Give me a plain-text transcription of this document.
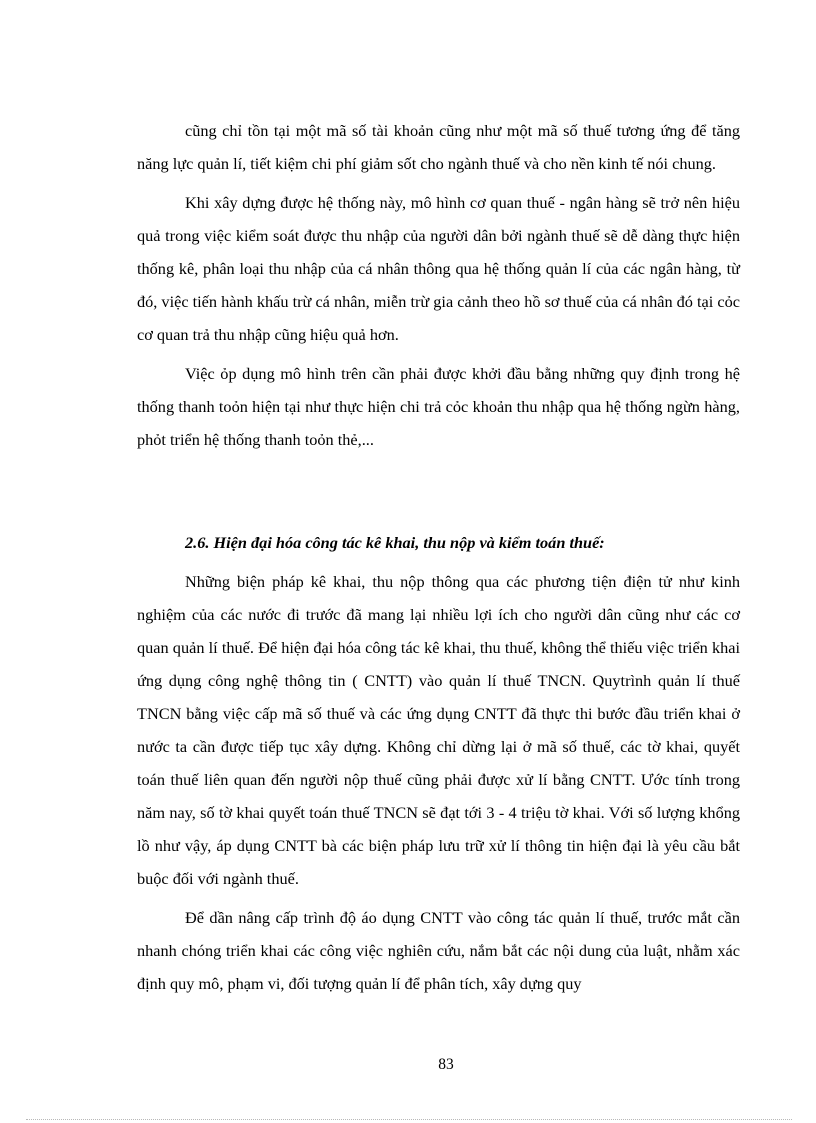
cũng chỉ tồn tại một mã số tài khoản cũng như một mã số thuế tương ứng để tăng năng lực quản lí, tiết kiệm chi phí giảm sốt cho ngành thuế và cho nền kinh tế nói chung.

Khi xây dựng được hệ thống này, mô hình cơ quan thuế - ngân hàng sẽ trở nên hiệu quả trong việc kiểm soát được thu nhập của người dân bởi ngành thuế sẽ dễ dàng thực hiện thống kê, phân loại thu nhập của cá nhân thông qua hệ thống quản lí của các ngân hàng, từ đó, việc tiến hành khấu trừ cá nhân, miễn trừ gia cảnh theo hồ sơ thuế của cá nhân đó tại cỏc cơ quan trả thu nhập cũng hiệu quả hơn.

Việc ỏp dụng mô hình trên cần phải được khởi đầu bằng những quy định trong hệ thống thanh toỏn hiện tại như thực hiện chi trả cỏc khoản thu nhập qua hệ thống ngừn hàng, phỏt triển hệ thống thanh toỏn thẻ,...

2.6. Hiện đại hóa công tác kê khai, thu nộp và kiểm toán thuế:

Những biện pháp kê khai, thu nộp thông qua các phương tiện điện tử như kinh nghiệm của các nước đi trước đã mang lại nhiều lợi ích cho người dân cũng như các cơ quan quản lí thuế. Để hiện đại hóa công tác kê khai, thu thuế, không thể thiếu việc triển khai ứng dụng công nghệ thông tin ( CNTT) vào quản lí thuế TNCN. Quytrình quản lí thuế TNCN bằng việc cấp mã số thuế và các ứng dụng CNTT đã thực thi bước đầu triển khai ở nước ta cần được tiếp tục xây dựng. Không chỉ dừng lại ở mã số thuế, các tờ khai, quyết toán thuế liên quan đến người nộp thuế cũng phải được xử lí bằng CNTT. Ước tính trong năm nay, số tờ khai quyết toán thuế TNCN sẽ đạt tới 3 - 4 triệu tờ khai. Với số lượng khổng lồ như vậy, áp dụng CNTT bà các biện pháp lưu trữ xử lí thông tin hiện đại là yêu cầu bắt buộc đối với ngành thuế.

Để dần nâng cấp trình độ áo dụng CNTT vào công tác quản lí thuế, trước mắt cần nhanh chóng triển khai các công việc nghiên cứu, nắm bắt các nội dung của luật, nhằm xác định quy mô, phạm vi, đối tượng quản lí để phân tích, xây dựng quy

83
